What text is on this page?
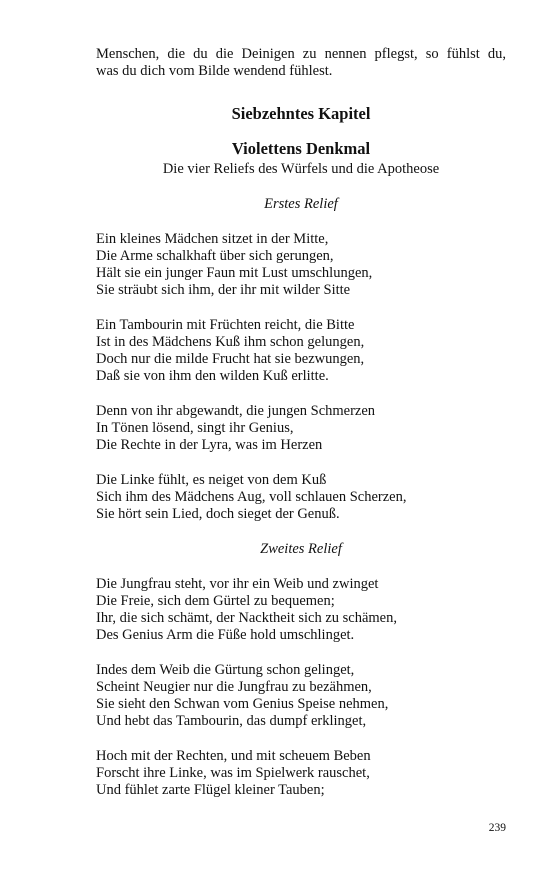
Menschen, die du die Deinigen zu nennen pflegst, so fühlst du,
was du dich vom Bilde wendend fühlest.

Siebzehntes Kapitel
Violettens Denkmal

Die vier Reliefs des Würfels und die Apotheose

Erstes Relief

Ein kleines Mädchen sitzet in der Mitte,
Die Arme schalkhaft über sich gerungen,
Hält sie ein junger Faun mit Lust umschlungen,
Sie sträubt sich ihm, der ihr mit wilder Sitte

Ein Tambourin mit Früchten reicht, die Bitte
Ist in des Mädchens Kuß ihm schon gelungen,
Doch nur die milde Frucht hat sie bezwungen,
Daß sie von ihm den wilden Kuß erlitte.

Denn von ihr abgewandt, die jungen Schmerzen
In Tönen lösend, singt ihr Genius,
Die Rechte in der Lyra, was im Herzen

Die Linke fühlt, es neiget von dem Kuß
Sich ihm des Mädchens Aug, voll schlauen Scherzen,
Sie hört sein Lied, doch sieget der Genuß.

Zweites Relief

Die Jungfrau steht, vor ihr ein Weib und zwinget
Die Freie, sich dem Gürtel zu bequemen;
Ihr, die sich schämt, der Nacktheit sich zu schämen,
Des Genius Arm die Füße hold umschlinget.

Indes dem Weib die Gürtung schon gelinget,
Scheint Neugier nur die Jungfrau zu bezähmen,
Sie sieht den Schwan vom Genius Speise nehmen,
Und hebt das Tambourin, das dumpf erklinget,

Hoch mit der Rechten, und mit scheuem Beben
Forscht ihre Linke, was im Spielwerk rauschet,
Und fühlet zarte Flügel kleiner Tauben;

239
